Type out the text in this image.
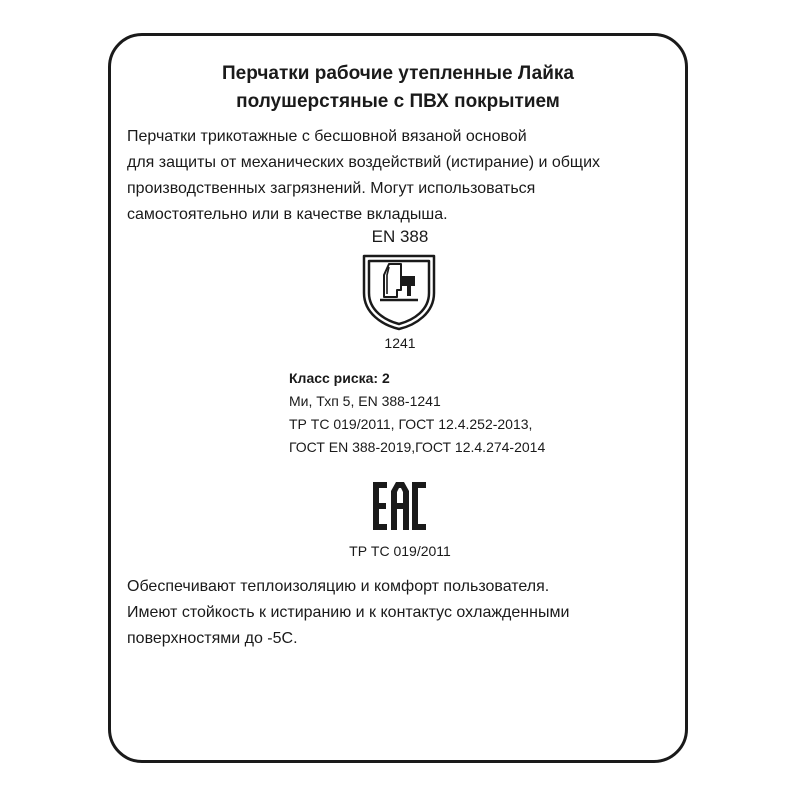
Перчатки рабочие утепленные Лайка
полушерстяные с ПВХ покрытием
Перчатки трикотажные с бесшовной вязаной основой
для защиты от механических воздействий (истирание) и общих
производственных загрязнений. Могут использоваться
самостоятельно или в качестве вкладыша.
EN 388
1241
Класс риска: 2
Ми, Тхп 5, EN 388-1241
ТР ТС 019/2011, ГОСТ 12.4.252-2013,
ГОСТ EN 388-2019,ГОСТ 12.4.274-2014
ТР ТС 019/2011
Обеспечивают теплоизоляцию и комфорт пользователя.
Имеют стойкость к истиранию и к контактус охлажденными
поверхностями до -5С.
